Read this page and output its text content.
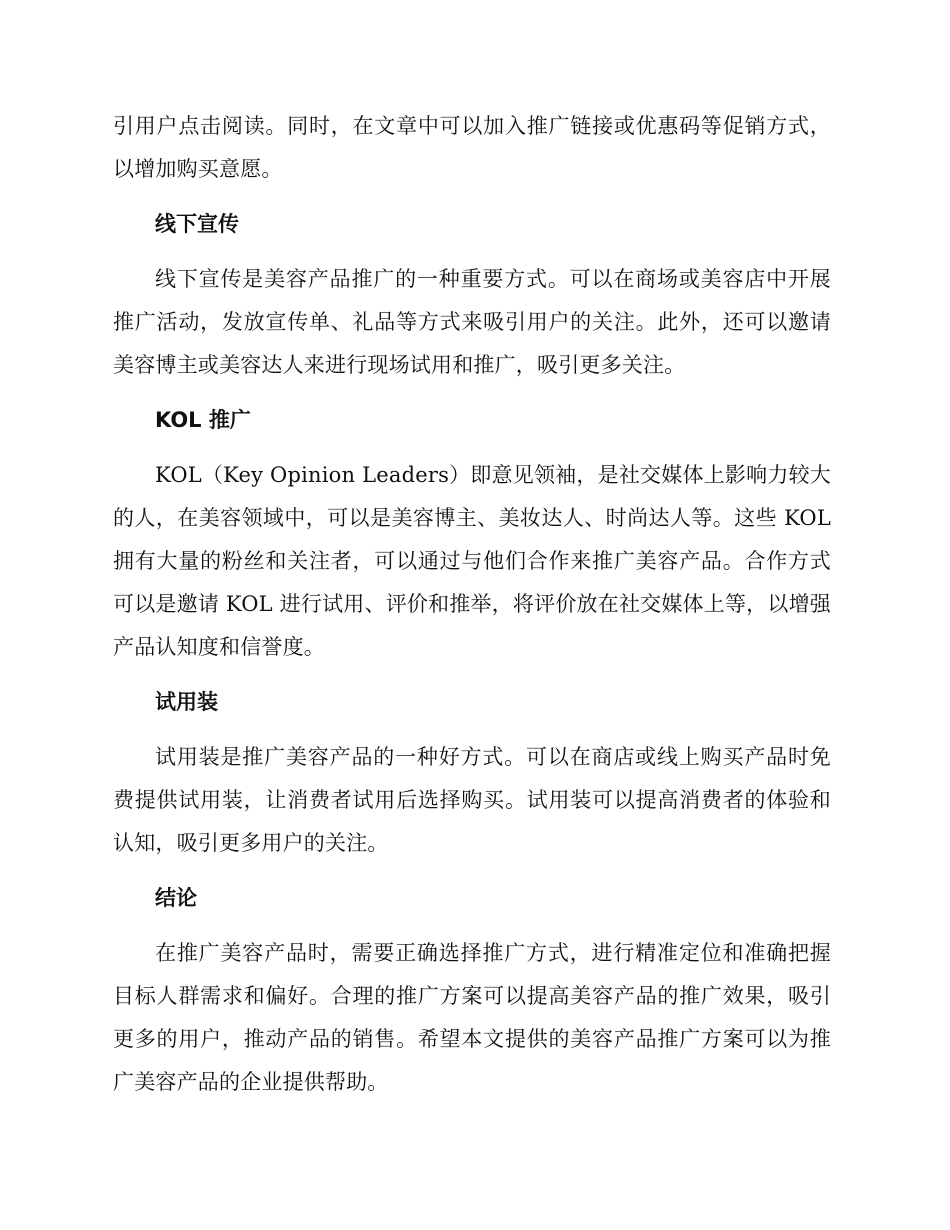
引用户点击阅读。同时，在文章中可以加入推广链接或优惠码等促销方式，以增加购买意愿。

线下宣传

线下宣传是美容产品推广的一种重要方式。可以在商场或美容店中开展推广活动，发放宣传单、礼品等方式来吸引用户的关注。此外，还可以邀请美容博主或美容达人来进行现场试用和推广，吸引更多关注。

KOL 推广

KOL（Key Opinion Leaders）即意见领袖，是社交媒体上影响力较大的人，在美容领域中，可以是美容博主、美妆达人、时尚达人等。这些 KOL 拥有大量的粉丝和关注者，可以通过与他们合作来推广美容产品。合作方式可以是邀请 KOL 进行试用、评价和推举，将评价放在社交媒体上等，以增强产品认知度和信誉度。

试用装

试用装是推广美容产品的一种好方式。可以在商店或线上购买产品时免费提供试用装，让消费者试用后选择购买。试用装可以提高消费者的体验和认知，吸引更多用户的关注。

结论

在推广美容产品时，需要正确选择推广方式，进行精准定位和准确把握目标人群需求和偏好。合理的推广方案可以提高美容产品的推广效果，吸引更多的用户，推动产品的销售。希望本文提供的美容产品推广方案可以为推广美容产品的企业提供帮助。
